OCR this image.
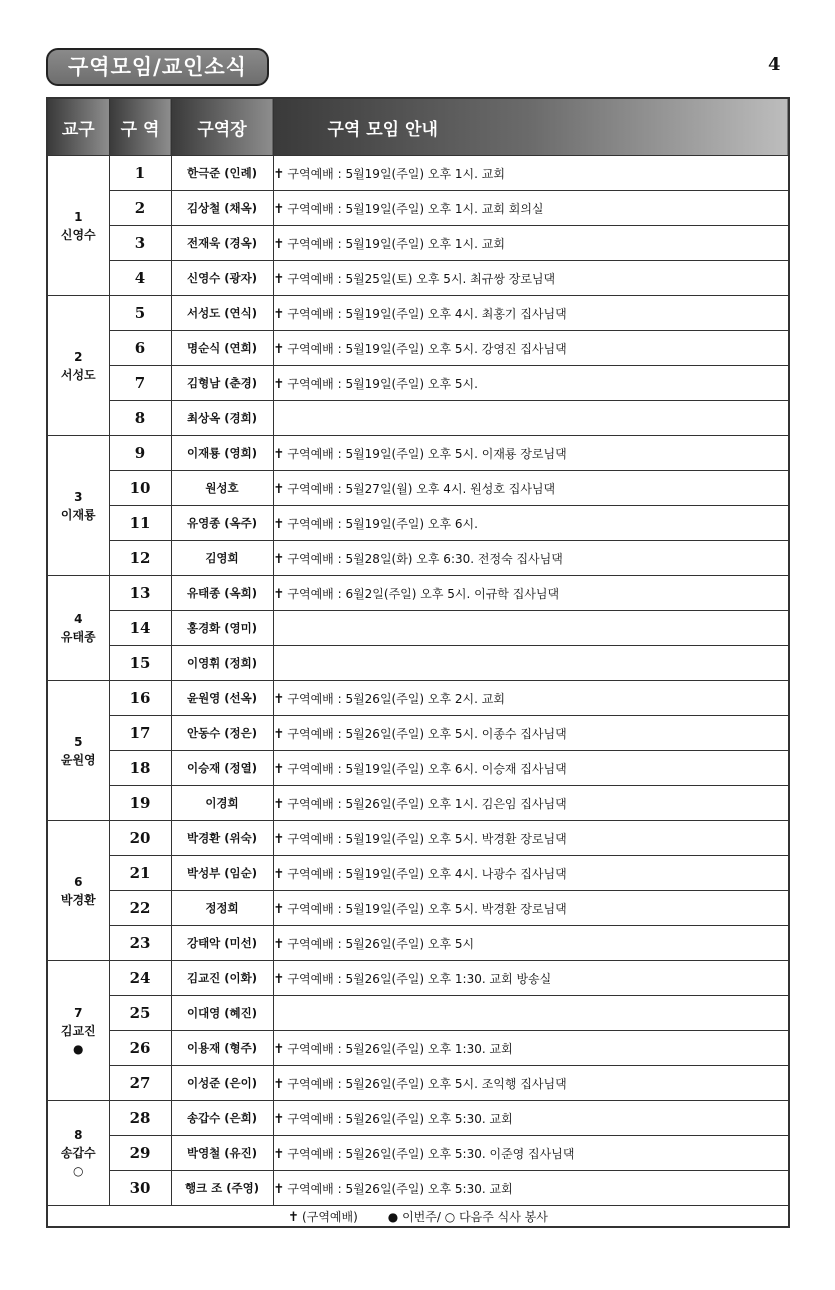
구역모임/교인소식	4
교구	구 역	구역장	구역 모임 안내

1
신영수	1	한극준 (인례)	✝ 구역예배 : 5월19일(주일) 오후 1시. 교회
	2	김상철 (채옥)	✝ 구역예배 : 5월19일(주일) 오후 1시. 교회 회의실
	3	전재욱 (경옥)	✝ 구역예배 : 5월19일(주일) 오후 1시. 교회
	4	신영수 (광자)	✝ 구역예배 : 5월25일(토) 오후 5시. 최규쌍 장로님댁

2
서성도	5	서성도 (연식)	✝ 구역예배 : 5월19일(주일) 오후 4시. 최홍기 집사님댁
	6	명순식 (연희)	✝ 구역예배 : 5월19일(주일) 오후 5시. 강영진 집사님댁
	7	김형남 (춘경)	✝ 구역예배 : 5월19일(주일) 오후 5시.
	8	최상옥 (경희)	

3
이재룡	9	이재룡 (영희)	✝ 구역예배 : 5월19일(주일) 오후 5시. 이재룡 장로님댁
	10	원성호	✝ 구역예배 : 5월27일(월) 오후 4시. 원성호 집사님댁
	11	유영종 (옥주)	✝ 구역예배 : 5월19일(주일) 오후 6시.
	12	김영희	✝ 구역예배 : 5월28일(화) 오후 6:30. 전정숙 집사님댁

4
유태종	13	유태종 (옥희)	✝ 구역예배 : 6월2일(주일) 오후 5시. 이규학 집사님댁
	14	홍경화 (영미)	
	15	이영휘 (정희)	

5
윤원영	16	윤원영 (선옥)	✝ 구역예배 : 5월26일(주일) 오후 2시. 교회
	17	안동수 (정은)	✝ 구역예배 : 5월26일(주일) 오후 5시. 이종수 집사님댁
	18	이승재 (정열)	✝ 구역예배 : 5월19일(주일) 오후 6시. 이승재 집사님댁
	19	이경희	✝ 구역예배 : 5월26일(주일) 오후 1시. 김은임 집사님댁

6
박경환	20	박경환 (위숙)	✝ 구역예배 : 5월19일(주일) 오후 5시. 박경환 장로님댁
	21	박성부 (임순)	✝ 구역예배 : 5월19일(주일) 오후 4시. 나광수 집사님댁
	22	정정희	✝ 구역예배 : 5월19일(주일) 오후 5시. 박경환 장로님댁
	23	강태악 (미선)	✝ 구역예배 : 5월26일(주일) 오후 5시

7
김교진
●	24	김교진 (이화)	✝ 구역예배 : 5월26일(주일) 오후 1:30. 교회 방송실
	25	이대영 (혜진)	
	26	이용재 (형주)	✝ 구역예배 : 5월26일(주일) 오후 1:30. 교회
	27	이성준 (은이)	✝ 구역예배 : 5월26일(주일) 오후 5시. 조익행 집사님댁

8
송갑수
○	28	송갑수 (은희)	✝ 구역예배 : 5월26일(주일) 오후 5:30. 교회
	29	박영철 (유진)	✝ 구역예배 : 5월26일(주일) 오후 5:30. 이준영 집사님댁
	30	행크 조 (주영)	✝ 구역예배 : 5월26일(주일) 오후 5:30. 교회
✝ (구역예배) ● 이번주/ ○ 다음주 식사 봉사			
